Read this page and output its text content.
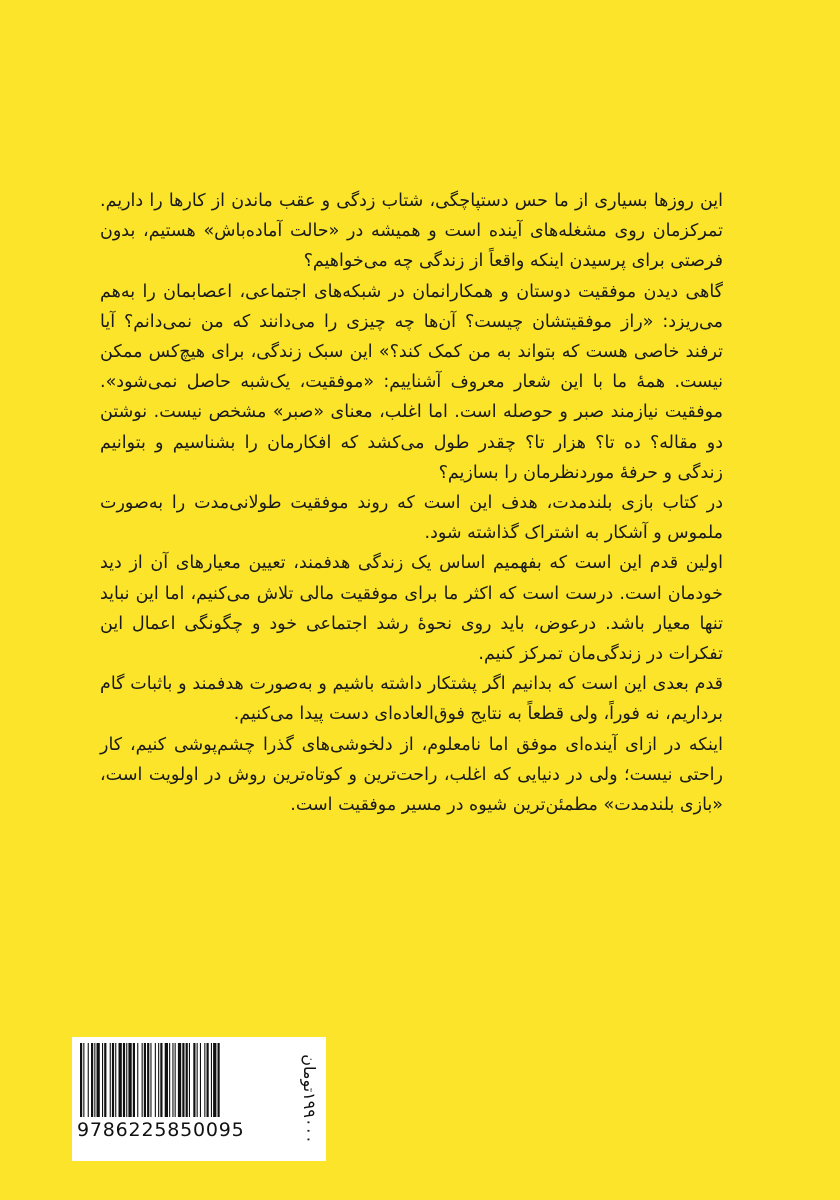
این روزها بسیاری از ما حس دستپاچگی، شتاب زدگی و عقب ماندن از کارها را داریم. تمرکزمان روی مشغله‌های آینده است و همیشه در «حالت آماده‌باش» هستیم، بدون فرصتی برای پرسیدن اینکه واقعاً از زندگی چه می‌خواهیم؟

گاهی دیدن موفقیت دوستان و همکارانمان در شبکه‌های اجتماعی، اعصابمان را به‌هم می‌ریزد: «راز موفقیتشان چیست؟ آن‌ها چه چیزی را می‌دانند که من نمی‌دانم؟ آیا ترفند خاصی هست که بتواند به من کمک کند؟» این سبک زندگی، برای هیچ‌کس ممکن نیست. همهٔ ما با این شعار معروف آشناییم: «موفقیت، یک‌شبه حاصل نمی‌شود». موفقیت نیازمند صبر و حوصله است. اما اغلب، معنای «صبر» مشخص نیست. نوشتن دو مقاله؟ ده تا؟ هزار تا؟ چقدر طول می‌کشد که افکارمان را بشناسیم و بتوانیم زندگی و حرفهٔ موردنظرمان را بسازیم؟

در کتاب بازی بلندمدت، هدف این است که روند موفقیت طولانی‌مدت را به‌صورت ملموس و آشکار به اشتراک گذاشته شود.

اولین قدم این است که بفهمیم اساس یک زندگی هدفمند، تعیین معیارهای آن از دید خودمان است. درست است که اکثر ما برای موفقیت مالی تلاش می‌کنیم، اما این نباید تنها معیار باشد. درعوض، باید روی نحوهٔ رشد اجتماعی خود و چگونگی اعمال این تفکرات در زندگی‌مان تمرکز کنیم.

قدم بعدی این است که بدانیم اگر پشتکار داشته باشیم و به‌صورت هدفمند و باثبات گام برداریم، نه فوراً، ولی قطعاً به نتایج فوق‌العاده‌ای دست پیدا می‌کنیم.

اینکه در ازای آینده‌ای موفق اما نامعلوم، از دلخوشی‌های گذرا چشم‌پوشی کنیم، کار راحتی نیست؛ ولی در دنیایی که اغلب، راحت‌ترین و کوتاه‌ترین روش در اولویت است، «بازی بلندمدت» مطمئن‌ترین شیوه در مسیر موفقیت است.

9786225850095
۱۹۹۰۰۰تومان
